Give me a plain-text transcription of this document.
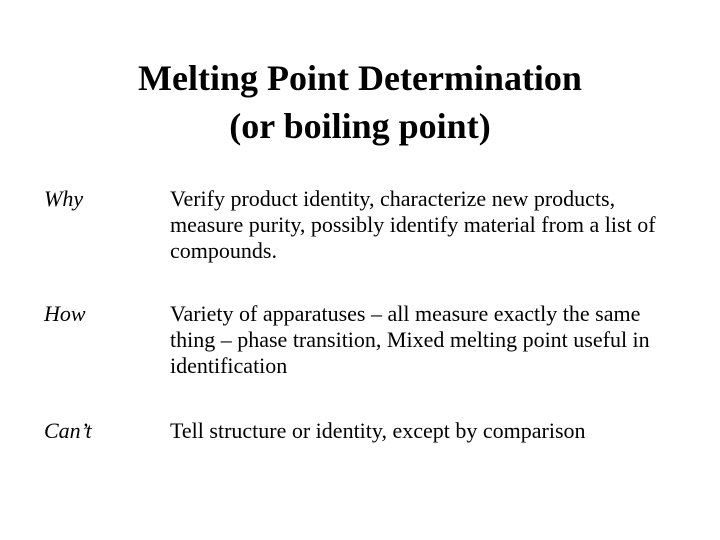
Melting Point Determination
(or boiling point)
Why	Verify product identity, characterize new products, measure purity, possibly identify material from a list of compounds.
How	Variety of apparatuses – all measure exactly the same thing – phase transition, Mixed melting point useful in identification
Can’t	Tell structure or identity, except by comparison
